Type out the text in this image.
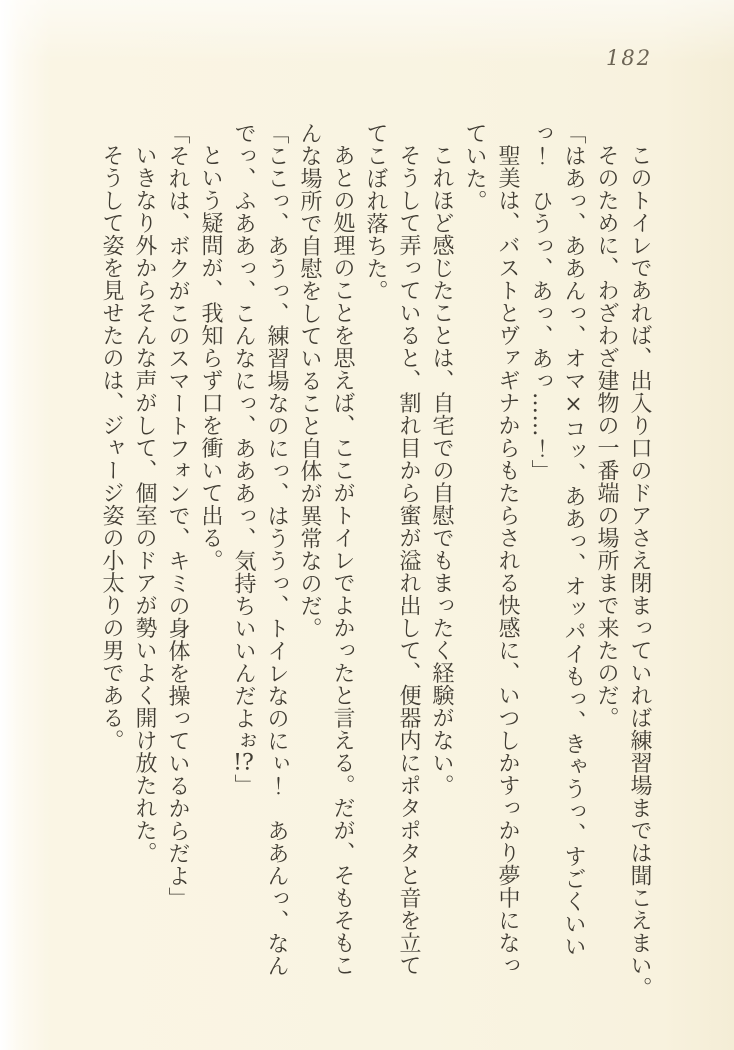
182
このトイレであれば、出入り口のドアさえ閉まっていれば練習場までは聞こえまい。
そのために、わざわざ建物の一番端の場所まで来たのだ。
「はあっ、ああんっ、オマ×コッ、ああっ、オッパイもっ、きゃうっ、すごくいい
っ！　ひうっ、あっ、あっ……！」
聖美は、バストとヴァギナからもたらされる快感に、いつしかすっかり夢中になっ
ていた。
これほど感じたことは、自宅での自慰でもまったく経験がない。
そうして弄っていると、割れ目から蜜が溢れ出して、便器内にポタポタと音を立て
てこぼれ落ちた。
あとの処理のことを思えば、ここがトイレでよかったと言える。だが、そもそもこ
んな場所で自慰をしていること自体が異常なのだ。
「ここっ、あうっ、練習場なのにっ、はううっ、トイレなのにぃ！　ああんっ、なん
でっ、ふああっ、こんなにっ、あああっ、気持ちいいんだよぉ!?」
という疑問が、我知らず口を衝いて出る。
「それは、ボクがこのスマートフォンで、キミの身体を操っているからだよ」
いきなり外からそんな声がして、個室のドアが勢いよく開け放たれた。
そうして姿を見せたのは、ジャージ姿の小太りの男である。
